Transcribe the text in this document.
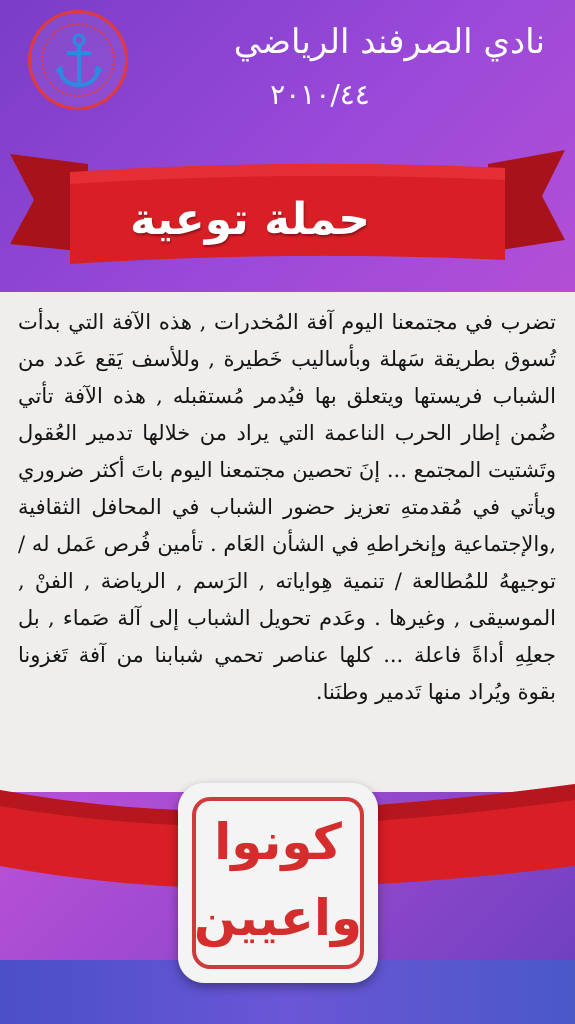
نادي الصرفند الرياضي
٢٠١٠/٤٤
حملة توعية
تضرب في مجتمعنا اليوم آفة المُخدرات , هذه الآفة التي بدأت تُسوق بطريقة سَهلة وبأساليب خَطيرة , وللأسف يَقع عَدد من الشباب فريستها ويتعلق بها فيُدمر مُستقبله , هذه الآفة تأتي ضُمن إطار الحرب الناعمة التي يراد من خلالها تدمير العُقول وتَشتيت المجتمع ... إنَ تحصين مجتمعنا اليوم باتَ أكثر ضروري ويأتي في مُقدمتهِ تعزيز حضور الشباب في المحافل الثقافية ,والإجتماعية وإنخراطهِ في الشأن العَام . تأمين فُرص عَمل له / توجيههُ للمُطالعة / تنمية هِواياته , الرَسم , الرياضة , الفنْ , الموسيقى , وغيرها . وعَدم تحويل الشباب إلى آلة صَماء , بل جعلِهِ أداةً فاعلة ... كلها عناصر تحمي شبابنا من آفة تَغزونا بقوة ويُراد منها تَدمير وطنَنا.
كونوا
واعيين
